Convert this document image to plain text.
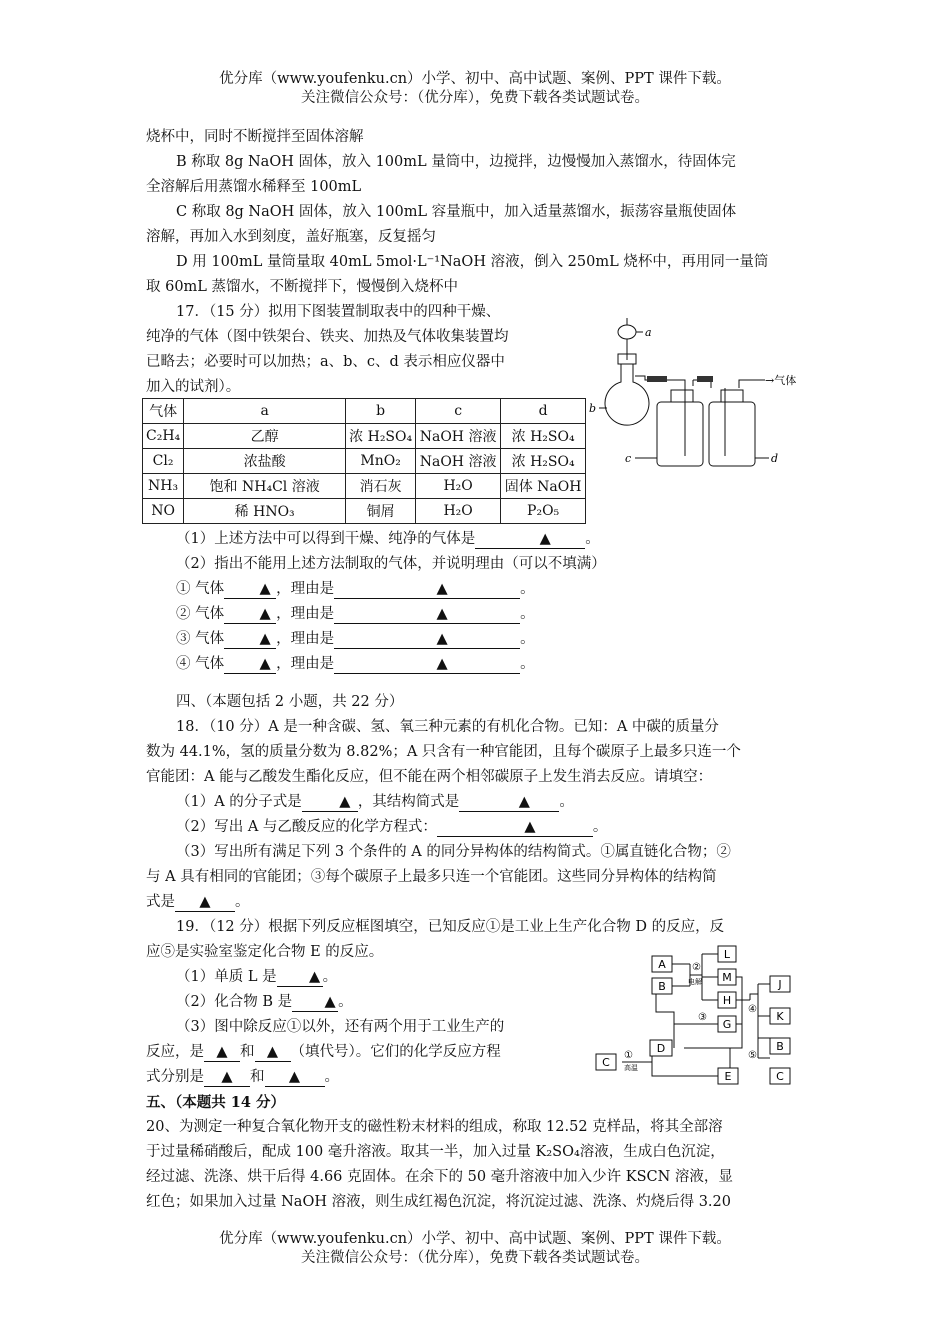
优分库（www.youfenku.cn）小学、初中、高中试题、案例、PPT 课件下载。
关注微信公众号：（优分库），免费下载各类试题试卷。
烧杯中，同时不断搅拌至固体溶解
B 称取 8g NaOH 固体，放入 100mL 量筒中，边搅拌，边慢慢加入蒸馏水，待固体完
全溶解后用蒸馏水稀释至 100mL
C 称取 8g NaOH 固体，放入 100mL 容量瓶中，加入适量蒸馏水，振荡容量瓶使固体
溶解，再加入水到刻度，盖好瓶塞，反复摇匀
D 用 100mL 量筒量取 40mL 5mol·L⁻¹NaOH 溶液，倒入 250mL 烧杯中，再用同一量筒
取 60mL 蒸馏水，不断搅拌下，慢慢倒入烧杯中
17．（15 分）拟用下图装置制取表中的四种干燥、
纯净的气体（图中铁架台、铁夹、加热及气体收集装置均
已略去；必要时可以加热；a、b、c、d 表示相应仪器中
加入的试剂）。
气体	a	b	c	d
C₂H₄	乙醇	浓 H₂SO₄	NaOH 溶液	浓 H₂SO₄
Cl₂	浓盐酸	MnO₂	NaOH 溶液	浓 H₂SO₄
NH₃	饱和 NH₄Cl 溶液	消石灰	H₂O	固体 NaOH
NO	稀 HNO₃	铜屑	H₂O	P₂O₅
a
b
c	d
→气体
（1）上述方法中可以得到干燥、纯净的气体是	▲ 。
（2）指出不能用上述方法制取的气体，并说明理由（可以不填满）
① 气体 ▲ ，理由是	▲	。
② 气体 ▲ ，理由是	▲	。
③ 气体 ▲ ，理由是	▲	。
④ 气体 ▲ ，理由是	▲	。
四、（本题包括 2 小题，共 22 分）
18．（10 分）A 是一种含碳、氢、氧三种元素的有机化合物。已知：A 中碳的质量分
数为 44.1%，氢的质量分数为 8.82%；A 只含有一种官能团，且每个碳原子上最多只连一个
官能团：A 能与乙酸发生酯化反应，但不能在两个相邻碳原子上发生消去反应。请填空：
（1）A 的分子式是	▲ ，其结构简式是	▲ 。
（2）写出 A 与乙酸反应的化学方程式：	▲	。
（3）写出所有满足下列 3 个条件的 A 的同分异构体的结构简式。①属直链化合物；②
与 A 具有相同的官能团；③每个碳原子上最多只连一个官能团。这些同分异构体的结构简
式是 ▲ 。
19．（12 分）根据下列反应框图填空，已知反应①是工业上生产化合物 D 的反应，反
应⑤是实验室鉴定化合物 E 的反应。
（1）单质 L 是 ▲ 。
（2）化合物 B 是 ▲ 。
（3）图中除反应①以外，还有两个用于工业生产的
反应，是 ▲ 和 ▲ （填代号）。它们的化学反应方程
式分别是 ▲ 和 ▲ 。
②
电解
③
④
⑤
①
高温
A
B
L
M
H
J
K
G
B
C
D
C
E
五、（本题共 14 分）
20、为测定一种复合氧化物开支的磁性粉末材料的组成，称取 12.52 克样品，将其全部溶
于过量稀硝酸后，配成 100 毫升溶液。取其一半，加入过量 K₂SO₄溶液，生成白色沉淀，
经过滤、洗涤、烘干后得 4.66 克固体。在余下的 50 毫升溶液中加入少许 KSCN 溶液，显
红色；如果加入过量 NaOH 溶液，则生成红褐色沉淀，将沉淀过滤、洗涤、灼烧后得 3.20
优分库（www.youfenku.cn）小学、初中、高中试题、案例、PPT 课件下载。
关注微信公众号：（优分库），免费下载各类试题试卷。
